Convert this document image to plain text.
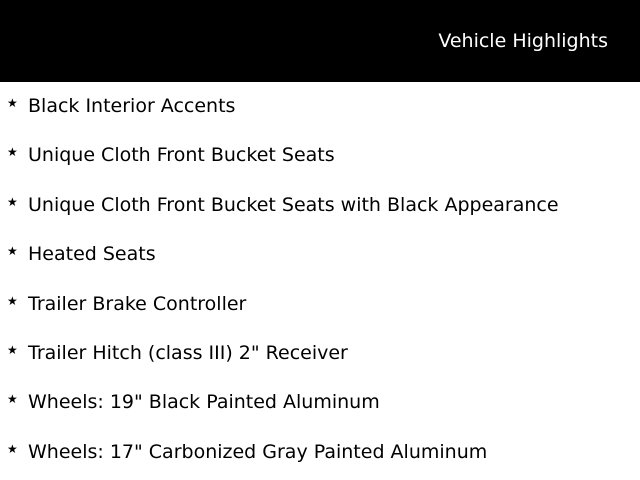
Vehicle Highlights
★ Black Interior Accents
★ Unique Cloth Front Bucket Seats
★ Unique Cloth Front Bucket Seats with Black Appearance
★ Heated Seats
★ Trailer Brake Controller
★ Trailer Hitch (class III) 2" Receiver
★ Wheels: 19" Black Painted Aluminum
★ Wheels: 17" Carbonized Gray Painted Aluminum
